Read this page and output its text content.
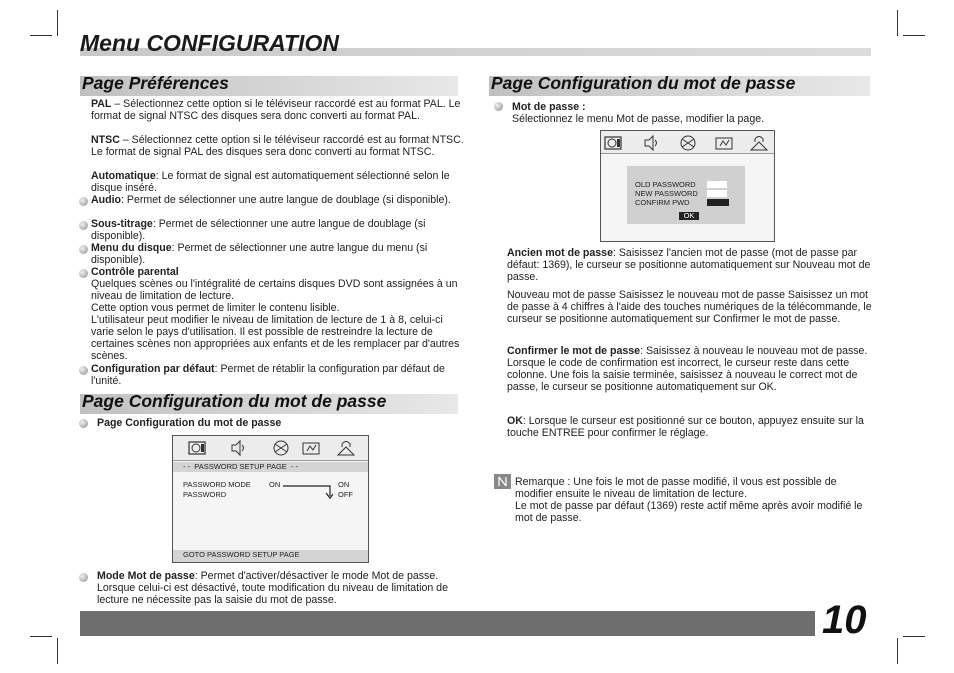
Menu CONFIGURATION
Page Préférences
PAL – Sélectionnez cette option si le téléviseur raccordé est au format PAL. Le format de signal NTSC des disques sera donc converti au format PAL.
NTSC – Sélectionnez cette option si le téléviseur raccordé est au format NTSC. Le format de signal PAL des disques sera donc converti au format NTSC.
Automatique: Le format de signal est automatiquement sélectionné selon le disque inséré.
Audio: Permet de sélectionner une autre langue de doublage (si disponible).
Sous-titrage: Permet de sélectionner une autre langue de doublage (si disponible).
Menu du disque: Permet de sélectionner une autre langue du menu (si disponible).

Contrôle parental

Quelques scènes ou l'intégralité de certains disques DVD sont assignées à un niveau de limitation de lecture.

Cette option vous permet de limiter le contenu lisible.

L'utilisateur peut modifier le niveau de limitation de lecture de 1 à 8, celui-ci varie selon le pays d'utilisation. Il est possible de restreindre la lecture de certaines scènes non appropriées aux enfants et de les remplacer par d'autres scènes.

Configuration par défaut: Permet de rétablir la configuration par défaut de l'unité.
Page Configuration du mot de passe
Page Configuration du mot de passe
- - PASSWORD SETUP PAGE - -
PASSWORD MODE ON	ON
PASSWORD	OFF
GOTO PASSWORD SETUP PAGE
Mode Mot de passe: Permet d'activer/désactiver le mode Mot de passe. Lorsque celui-ci est désactivé, toute modification du niveau de limitation de lecture ne nécessite pas la saisie du mot de passe.
Page Configuration du mot de passe

Mot de passe :

Sélectionnez le menu Mot de passe, modifier la page.

OLD PASSWORD
NEW PASSWORD
CONFIRM PWD
OK
Ancien mot de passe: Saisissez l'ancien mot de passe (mot de passe par défaut: 1369), le curseur se positionne automatiquement sur Nouveau mot de passe.
Nouveau mot de passe Saisissez le nouveau mot de passe Saisissez un mot de passe à 4 chiffres à l'aide des touches numériques de la télécommande, le curseur se positionne automatiquement sur Confirmer le mot de passe.
Confirmer le mot de passe: Saisissez à nouveau le nouveau mot de passe. Lorsque le code de confirmation est incorrect, le curseur reste dans cette colonne. Une fois la saisie terminée, saisissez à nouveau le correct mot de passe, le curseur se positionne automatiquement sur OK.
OK: Lorsque le curseur est positionné sur ce bouton, appuyez ensuite sur la touche ENTREE pour confirmer le réglage.

Remarque : Une fois le mot de passe modifié, il vous est possible de modifier ensuite le niveau de limitation de lecture.

Le mot de passe par défaut (1369) reste actif même après avoir modifié le mot de passe.

10
